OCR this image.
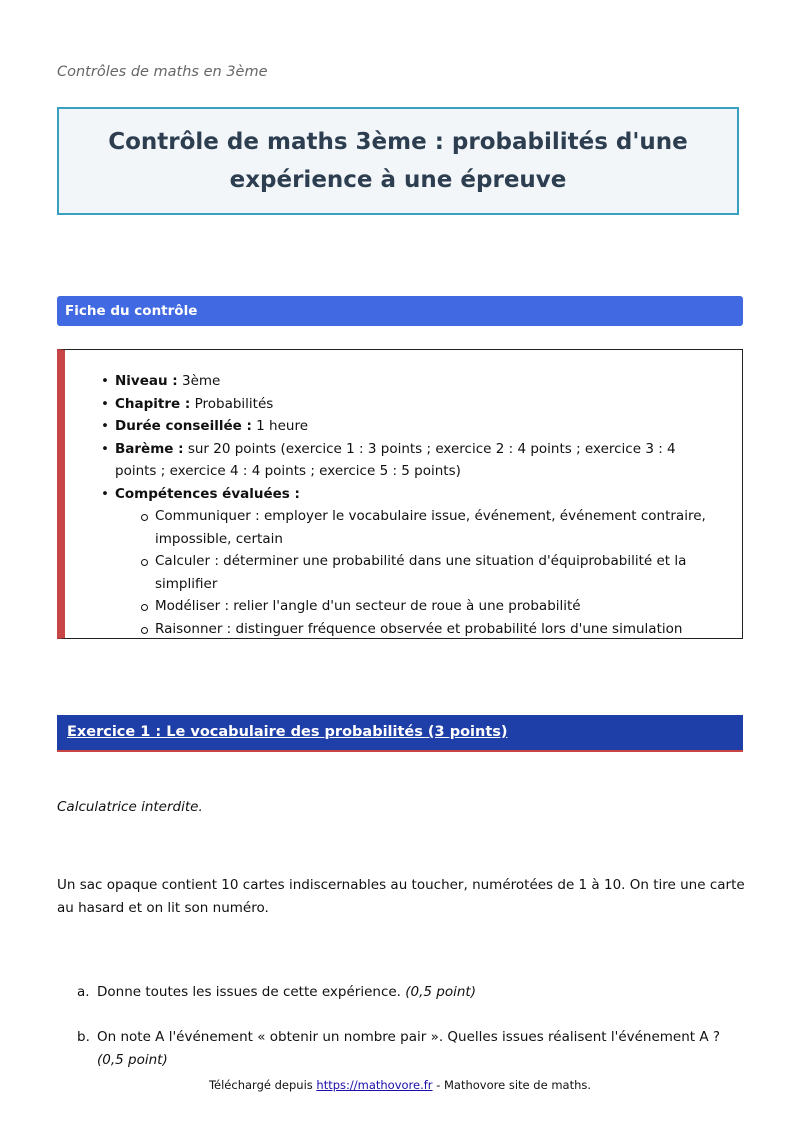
Contrôles de maths en 3ème
Contrôle de maths 3ème : probabilités d'une expérience à une épreuve
Fiche du contrôle
• Niveau : 3ème
• Chapitre : Probabilités
• Durée conseillée : 1 heure
• Barème : sur 20 points (exercice 1 : 3 points ; exercice 2 : 4 points ; exercice 3 : 4 points ; exercice 4 : 4 points ; exercice 5 : 5 points)
• Compétences évaluées :
Communiquer : employer le vocabulaire issue, événement, événement contraire, impossible, certain
Calculer : déterminer une probabilité dans une situation d'équiprobabilité et la simplifier
Modéliser : relier l'angle d'un secteur de roue à une probabilité
Raisonner : distinguer fréquence observée et probabilité lors d'une simulation
Exercice 1 : Le vocabulaire des probabilités (3 points)
Calculatrice interdite.
Un sac opaque contient 10 cartes indiscernables au toucher, numérotées de 1 à 10. On tire une carte au hasard et on lit son numéro.
a. Donne toutes les issues de cette expérience. (0,5 point)
b. On note A l'événement « obtenir un nombre pair ». Quelles issues réalisent l'événement A ? (0,5 point)
Téléchargé depuis https://mathovore.fr - Mathovore site de maths.
